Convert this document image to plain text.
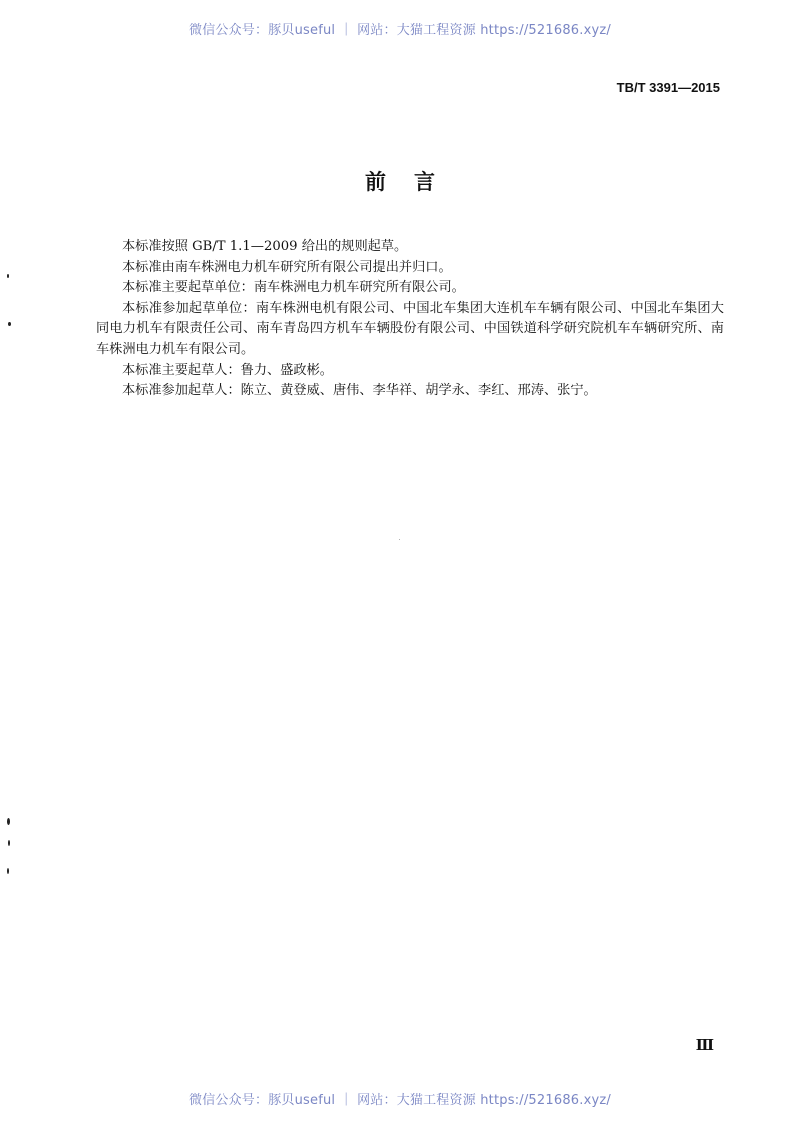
微信公众号：豚贝useful ｜ 网站：大猫工程资源 https://521686.xyz/
TB/T 3391—2015
前言

本标准按照 GB/T 1.1—2009 给出的规则起草。

本标准由南车株洲电力机车研究所有限公司提出并归口。

本标准主要起草单位：南车株洲电力机车研究所有限公司。

本标准参加起草单位：南车株洲电机有限公司、中国北车集团大连机车车辆有限公司、中国北车集团大同电力机车有限责任公司、南车青岛四方机车车辆股份有限公司、中国铁道科学研究院机车车辆研究所、南车株洲电力机车有限公司。

本标准主要起草人：鲁力、盛政彬。

本标准参加起草人：陈立、黄登威、唐伟、李华祥、胡学永、李红、邢涛、张宁。

Ⅲ
微信公众号：豚贝useful ｜ 网站：大猫工程资源 https://521686.xyz/
